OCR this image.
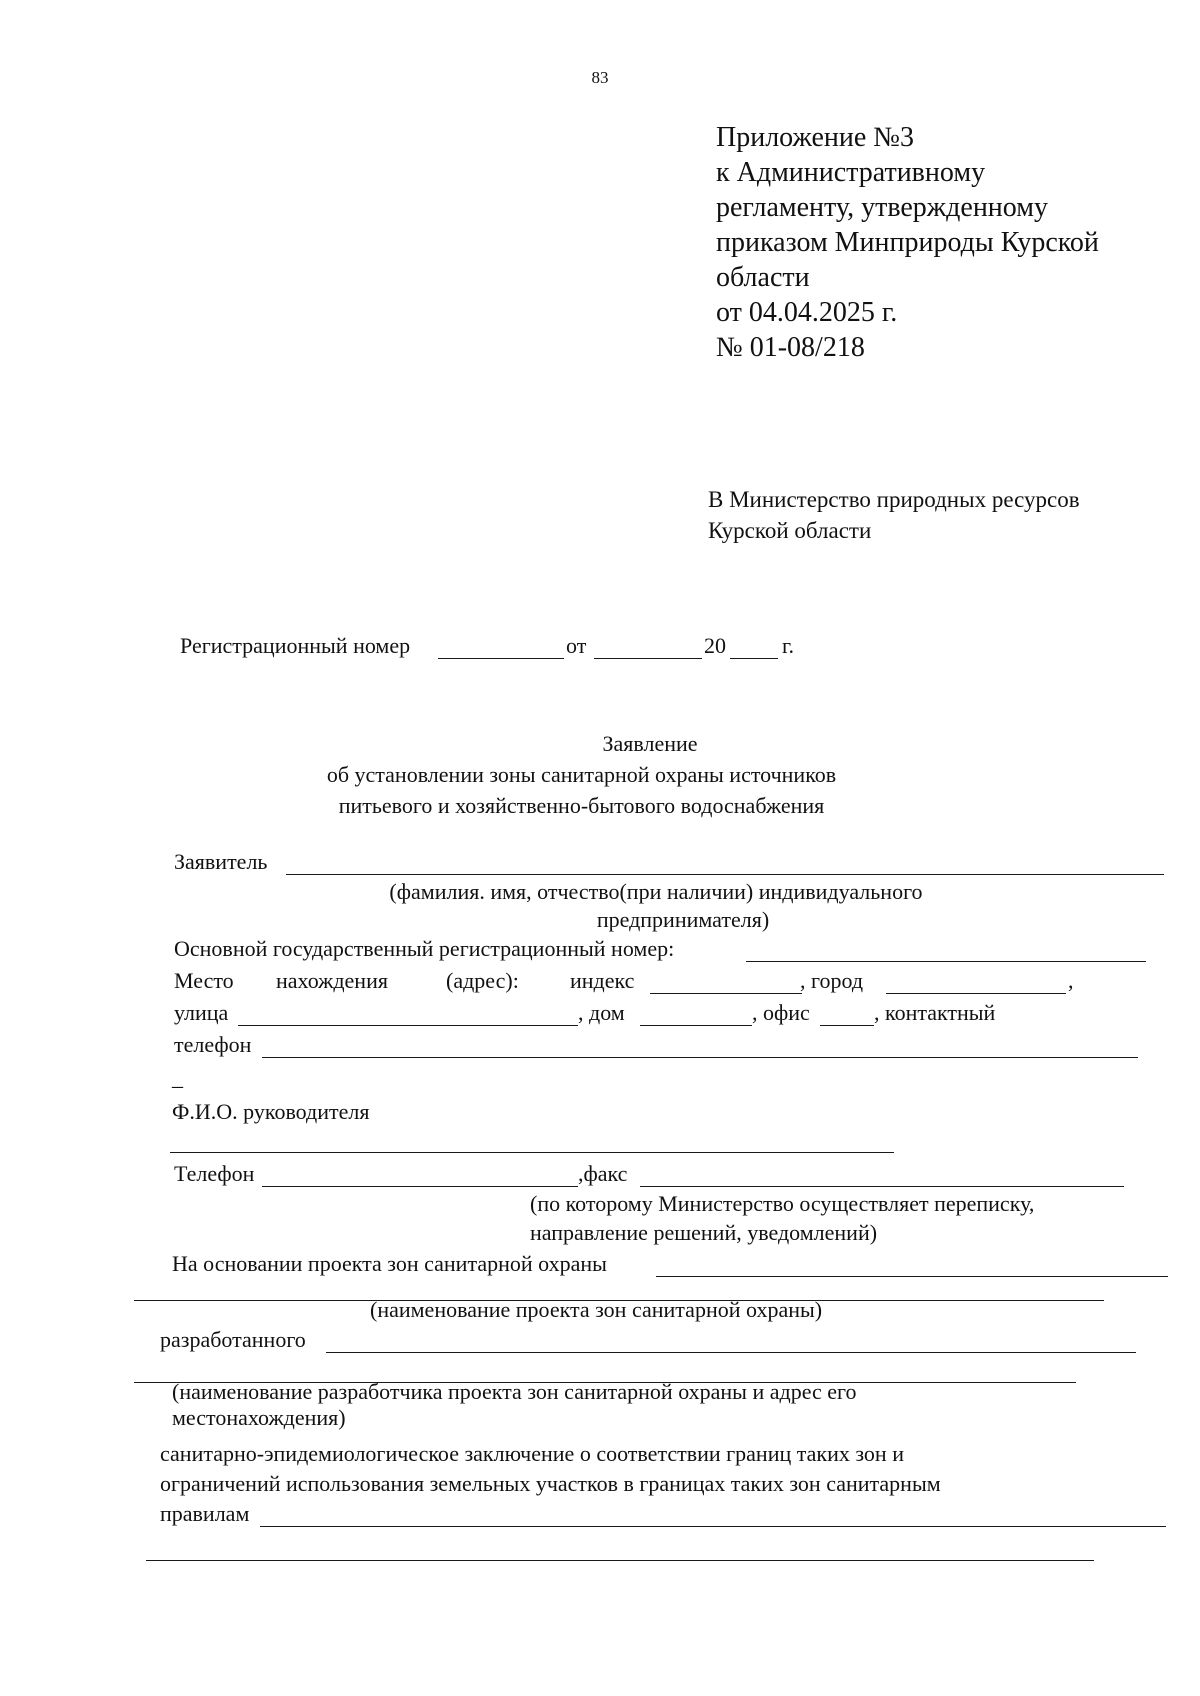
83
Приложение №3
к Административному
регламенту, утвержденному
приказом Минприроды Курской
области
от 04.04.2025 г.
№ 01-08/218
В Министерство природных ресурсов
Курской области
Регистрационный номер	от	20	г.
Заявление
об установлении зоны санитарной охраны источников
питьевого и хозяйственно-бытового водоснабжения
Заявитель
(фамилия. имя, отчество(при наличии) индивидуального
предпринимателя)
Основной государственный регистрационный номер:
Место нахождения	(адрес): индекс	, город	,
улица	, дом	, офис	, контактный
телефон
_
Ф.И.О. руководителя
Телефон	,факс
(по которому Министерство осуществляет переписку,
направление решений, уведомлений)
На основании проекта зон санитарной охраны
(наименование проекта зон санитарной охраны)
разработанного
(наименование разработчика проекта зон санитарной охраны и адрес его
местонахождения)
санитарно-эпидемиологическое заключение о соответствии границ таких зон и
ограничений использования земельных участков в границах таких зон санитарным
правилам
